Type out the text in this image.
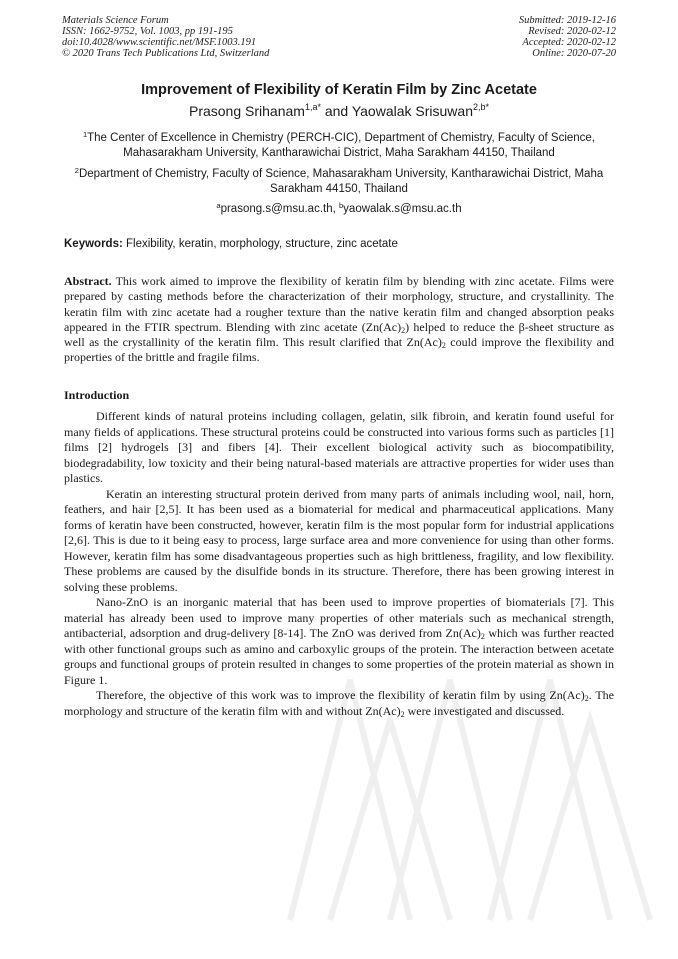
Materials Science Forum
ISSN: 1662-9752, Vol. 1003, pp 191-195
doi:10.4028/www.scientific.net/MSF.1003.191
© 2020 Trans Tech Publications Ltd, Switzerland
Submitted: 2019-12-16
Revised: 2020-02-12
Accepted: 2020-02-12
Online: 2020-07-20
Improvement of Flexibility of Keratin Film by Zinc Acetate
Prasong Srihanam$^{1,a*}$ and Yaowalak Srisuwan$^{2,b*}$
$^1$The Center of Excellence in Chemistry (PERCH-CIC), Department of Chemistry, Faculty of Science, Mahasarakham University, Kantharawichai District, Maha Sarakham 44150, Thailand
$^2$Department of Chemistry, Faculty of Science, Mahasarakham University, Kantharawichai District, Maha Sarakham 44150, Thailand
$^a$prasong.s@msu.ac.th, $^b$yaowalak.s@msu.ac.th
Keywords: Flexibility, keratin, morphology, structure, zinc acetate
Abstract. This work aimed to improve the flexibility of keratin film by blending with zinc acetate. Films were prepared by casting methods before the characterization of their morphology, structure, and crystallinity. The keratin film with zinc acetate had a rougher texture than the native keratin film and changed absorption peaks appeared in the FTIR spectrum. Blending with zinc acetate $(Zn(Ac)_2)$ helped to reduce the β-sheet structure as well as the crystallinity of the keratin film. This result clarified that $Zn(Ac)_2$ could improve the flexibility and properties of the brittle and fragile films.
Introduction

Different kinds of natural proteins including collagen, gelatin, silk fibroin, and keratin found useful for many fields of applications. These structural proteins could be constructed into various forms such as particles [1] films [2] hydrogels [3] and fibers [4]. Their excellent biological activity such as biocompatibility, biodegradability, low toxicity and their being natural-based materials are attractive properties for wider uses than plastics.

Keratin an interesting structural protein derived from many parts of animals including wool, nail, horn, feathers, and hair [2,5]. It has been used as a biomaterial for medical and pharmaceutical applications. Many forms of keratin have been constructed, however, keratin film is the most popular form for industrial applications [2,6]. This is due to it being easy to process, large surface area and more convenience for using than other forms. However, keratin film has some disadvantageous properties such as high brittleness, fragility, and low flexibility. These problems are caused by the disulfide bonds in its structure. Therefore, there has been growing interest in solving these problems.

Nano-ZnO is an inorganic material that has been used to improve properties of biomaterials [7]. This material has already been used to improve many properties of other materials such as mechanical strength, antibacterial, adsorption and drug-delivery [8-14]. The ZnO was derived from $Zn(Ac)_2$ which was further reacted with other functional groups such as amino and carboxylic groups of the protein. The interaction between acetate groups and functional groups of protein resulted in changes to some properties of the protein material as shown in Figure 1.

Therefore, the objective of this work was to improve the flexibility of keratin film by using $Zn(Ac)_2$. The morphology and structure of the keratin film with and without $Zn(Ac)_2$ were investigated and discussed.
